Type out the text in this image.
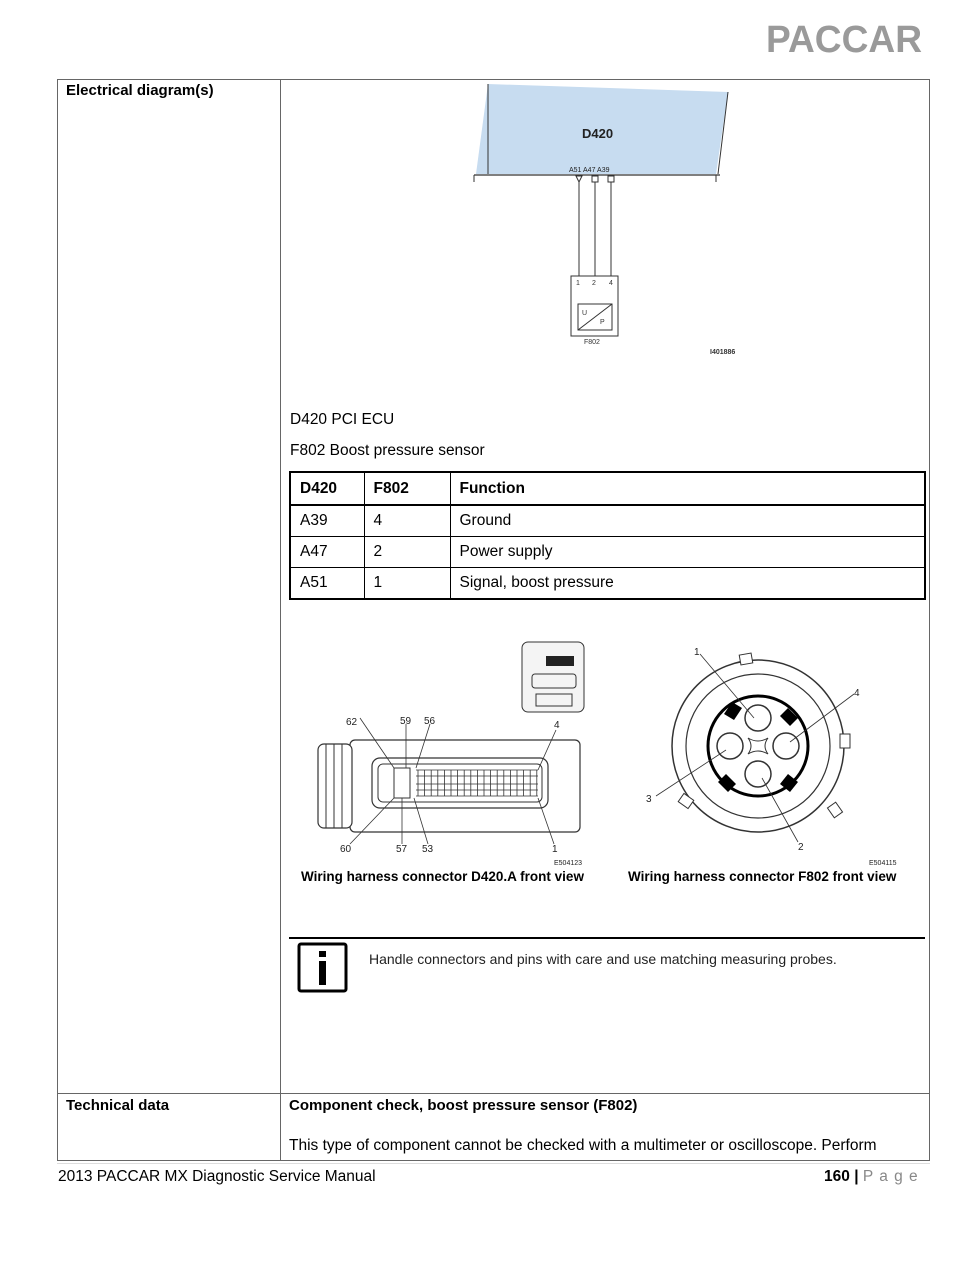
PACCAR
Electrical diagram(s)
Technical data
D420
A51 A47 A39
1 2 4
U
P
F802
I401886
D420 PCI ECU
F802 Boost pressure sensor
D420	F802	Function
A39	4	Ground
A47	2	Power supply
A51	1	Signal, boost pressure
62	59 56	4
60	57 53	1
E504123
Wiring harness connector D420.A front view
1
4
3
2
E504115
Wiring harness connector F802 front view
Handle connectors and pins with care and use matching measuring probes.
Component check, boost pressure sensor (F802)
This type of component cannot be checked with a multimeter or oscilloscope. Perform
2013 PACCAR MX Diagnostic Service Manual	160 | P a g e
